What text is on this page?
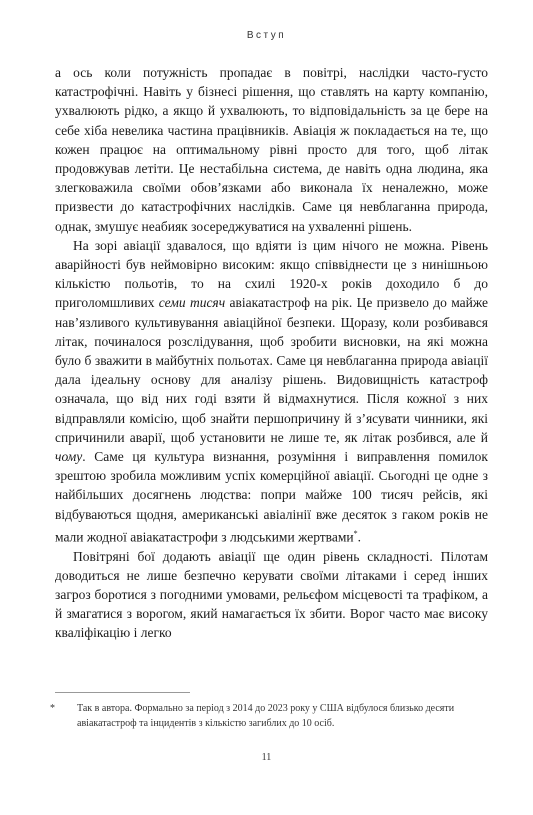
Вступ

а ось коли потужність пропадає в повітрі, наслідки часто-густо катастрофічні. Навіть у бізнесі рішення, що ставлять на карту компанію, ухвалюють рідко, а якщо й ухвалюють, то відповідальність за це бере на себе хіба невелика частина працівників. Авіація ж покладається на те, що кожен працює на оптимальному рівні просто для того, щоб літак продовжував летіти. Це нестабільна система, де навіть одна людина, яка злегковажила своїми обов’язками або виконала їх неналежно, може призвести до катастрофічних наслідків. Саме ця невблаганна природа, однак, змушує неабияк зосереджуватися на ухваленні рішень.

На зорі авіації здавалося, що вдіяти із цим нічого не можна. Рівень аварійності був неймовірно високим: якщо співвіднести це з нинішньою кількістю польотів, то на схилі 1920-х років доходило б до приголомшливих семи тисяч авіакатастроф на рік. Це призвело до майже нав’язливого культивування авіаційної безпеки. Щоразу, коли розбивався літак, починалося розслідування, щоб зробити висновки, на які можна було б зважити в майбутніх польотах. Саме ця невблаганна природа авіації дала ідеальну основу для аналізу рішень. Видовищність катастроф означала, що від них годі взяти й відмахнутися. Після кожної з них відправляли комісію, щоб знайти першопричину й з’ясувати чинники, які спричинили аварії, щоб установити не лише те, як літак розбився, але й чому. Саме ця культура визнання, розуміння і виправлення помилок зрештою зробила можливим успіх комерційної авіації. Сьогодні це одне з найбільших досягнень людства: попри майже 100 тисяч рейсів, які відбуваються щодня, американські авіалінії вже десяток з гаком років не мали жодної авіакатастрофи з людськими жертвами*.

Повітряні бої додають авіації ще один рівень складності. Пілотам доводиться не лише безпечно керувати своїми літаками і серед інших загроз боротися з погодними умовами, рельєфом місцевості та трафіком, а й змагатися з ворогом, який намагається їх збити. Ворог часто має високу кваліфікацію і легко

* Так в автора. Формально за період з 2014 до 2023 року у США відбулося близько десяти авіакатастроф та інцидентів з кількістю загиблих до 10 осіб.
11
